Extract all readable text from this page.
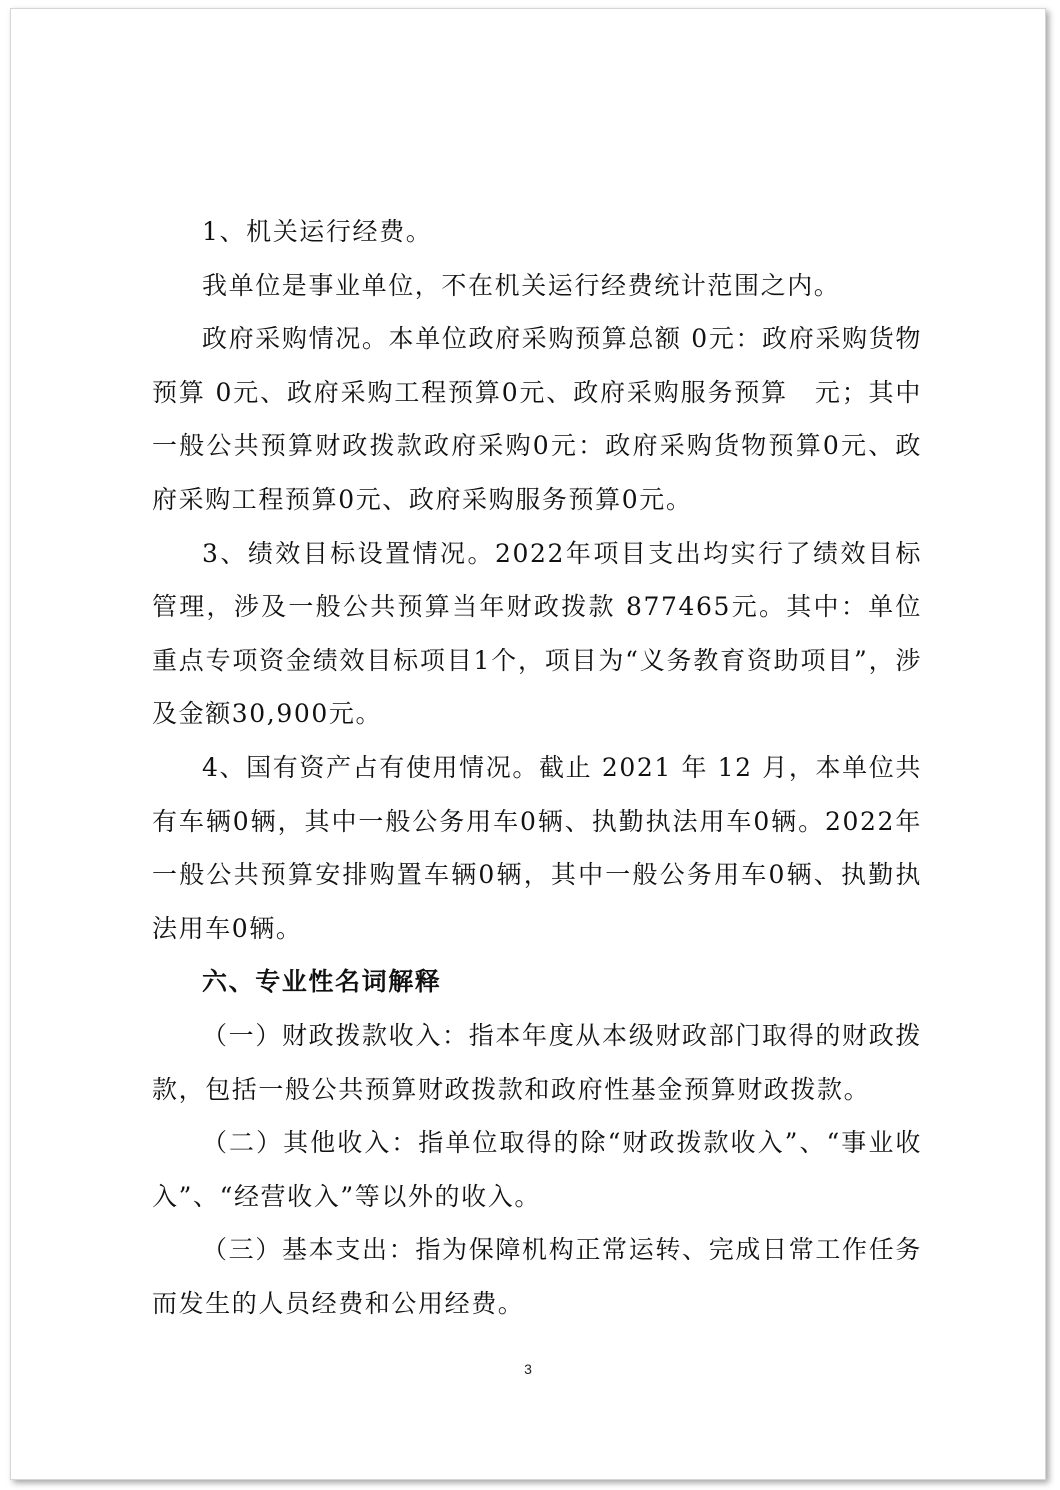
1、机关运行经费。

我单位是事业单位，不在机关运行经费统计范围之内。

政府采购情况。本单位政府采购预算总额 0元：政府采购货物预算 0元、政府采购工程预算0元、政府采购服务预算　元；其中一般公共预算财政拨款政府采购0元：政府采购货物预算0元、政府采购工程预算0元、政府采购服务预算0元。

3、绩效目标设置情况。2022年项目支出均实行了绩效目标管理，涉及一般公共预算当年财政拨款 877465元。其中：单位重点专项资金绩效目标项目1个，项目为“义务教育资助项目”，涉及金额30,900元。

4、国有资产占有使用情况。截止 2021 年 12 月，本单位共有车辆0辆，其中一般公务用车0辆、执勤执法用车0辆。2022年一般公共预算安排购置车辆0辆，其中一般公务用车0辆、执勤执法用车0辆。

六、专业性名词解释

（一）财政拨款收入：指本年度从本级财政部门取得的财政拨款，包括一般公共预算财政拨款和政府性基金预算财政拨款。

（二）其他收入：指单位取得的除“财政拨款收入”、“事业收入”、“经营收入”等以外的收入。

（三）基本支出：指为保障机构正常运转、完成日常工作任务而发生的人员经费和公用经费。

3
